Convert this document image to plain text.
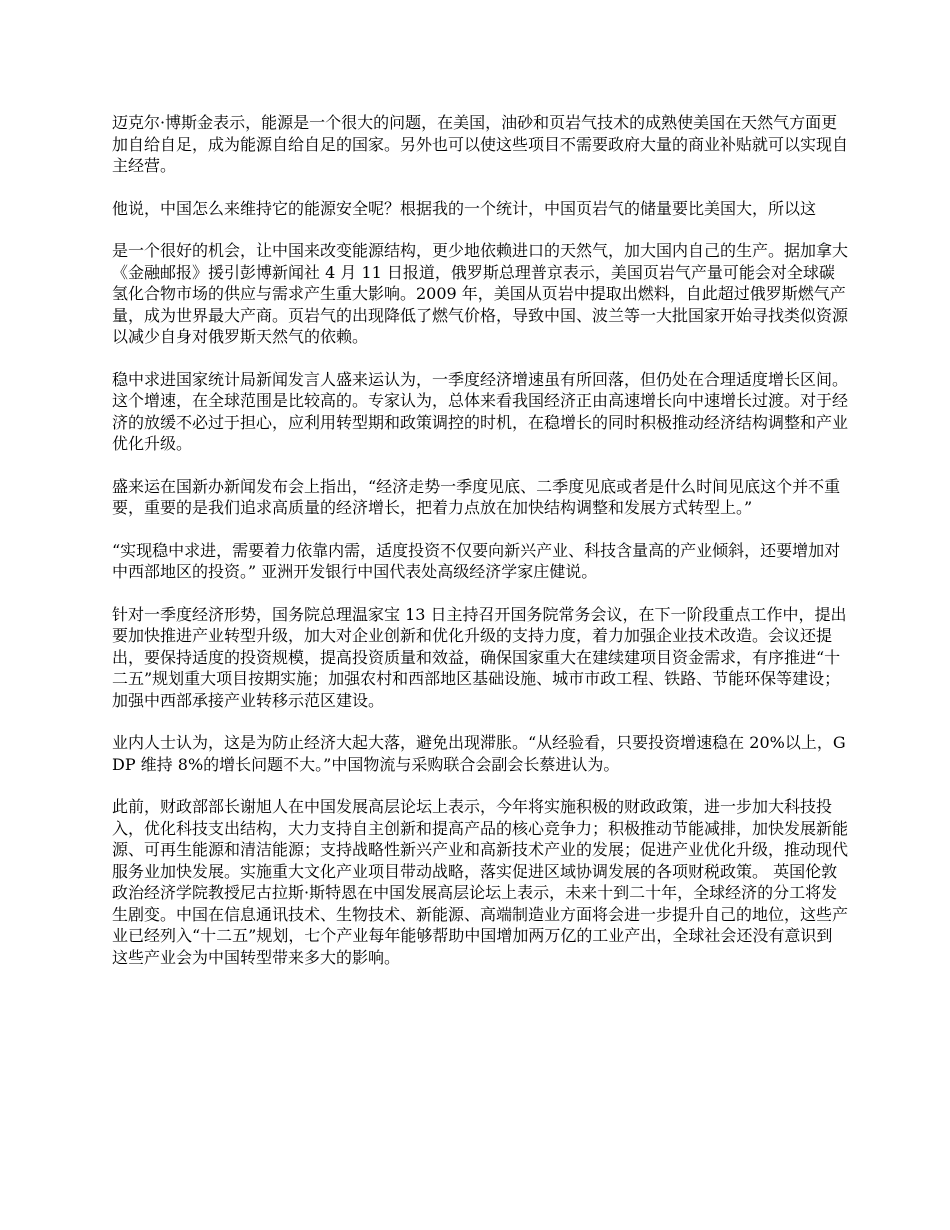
迈克尔·博斯金表示，能源是一个很大的问题，在美国，油砂和页岩气技术的成熟使美国在天然气方面更加自给自足，成为能源自给自足的国家。另外也可以使这些项目不需要政府大量的商业补贴就可以实现自主经营。

他说，中国怎么来维持它的能源安全呢？根据我的一个统计，中国页岩气的储量要比美国大，所以这

是一个很好的机会，让中国来改变能源结构，更少地依赖进口的天然气，加大国内自己的生产。据加拿大《金融邮报》援引彭博新闻社 4 月 11 日报道，俄罗斯总理普京表示，美国页岩气产量可能会对全球碳氢化合物市场的供应与需求产生重大影响。2009 年，美国从页岩中提取出燃料，自此超过俄罗斯燃气产量，成为世界最大产商。页岩气的出现降低了燃气价格，导致中国、波兰等一大批国家开始寻找类似资源以减少自身对俄罗斯天然气的依赖。

稳中求进国家统计局新闻发言人盛来运认为，一季度经济增速虽有所回落，但仍处在合理适度增长区间。这个增速，在全球范围是比较高的。专家认为，总体来看我国经济正由高速增长向中速增长过渡。对于经济的放缓不必过于担心，应利用转型期和政策调控的时机，在稳增长的同时积极推动经济结构调整和产业优化升级。

盛来运在国新办新闻发布会上指出，“经济走势一季度见底、二季度见底或者是什么时间见底这个并不重要，重要的是我们追求高质量的经济增长，把着力点放在加快结构调整和发展方式转型上。”

“实现稳中求进，需要着力依靠内需，适度投资不仅要向新兴产业、科技含量高的产业倾斜，还要增加对中西部地区的投资。” 亚洲开发银行中国代表处高级经济学家庄健说。

针对一季度经济形势，国务院总理温家宝 13 日主持召开国务院常务会议，在下一阶段重点工作中，提出要加快推进产业转型升级，加大对企业创新和优化升级的支持力度，着力加强企业技术改造。会议还提出，要保持适度的投资规模，提高投资质量和效益，确保国家重大在建续建项目资金需求，有序推进“十二五”规划重大项目按期实施；加强农村和西部地区基础设施、城市市政工程、铁路、节能环保等建设；加强中西部承接产业转移示范区建设。

业内人士认为，这是为防止经济大起大落，避免出现滞胀。“从经验看，只要投资增速稳在 20%以上，GDP 维持 8%的增长问题不大。”中国物流与采购联合会副会长蔡进认为。

此前，财政部部长谢旭人在中国发展高层论坛上表示，今年将实施积极的财政政策，进一步加大科技投入，优化科技支出结构，大力支持自主创新和提高产品的核心竞争力；积极推动节能减排，加快发展新能源、可再生能源和清洁能源；支持战略性新兴产业和高新技术产业的发展；促进产业优化升级，推动现代服务业加快发展。实施重大文化产业项目带动战略，落实促进区域协调发展的各项财税政策。 英国伦敦政治经济学院教授尼古拉斯·斯特恩在中国发展高层论坛上表示，未来十到二十年，全球经济的分工将发生剧变。中国在信息通讯技术、生物技术、新能源、高端制造业方面将会进一步提升自己的地位，这些产业已经列入“十二五”规划，七个产业每年能够帮助中国增加两万亿的工业产出，全球社会还没有意识到这些产业会为中国转型带来多大的影响。
